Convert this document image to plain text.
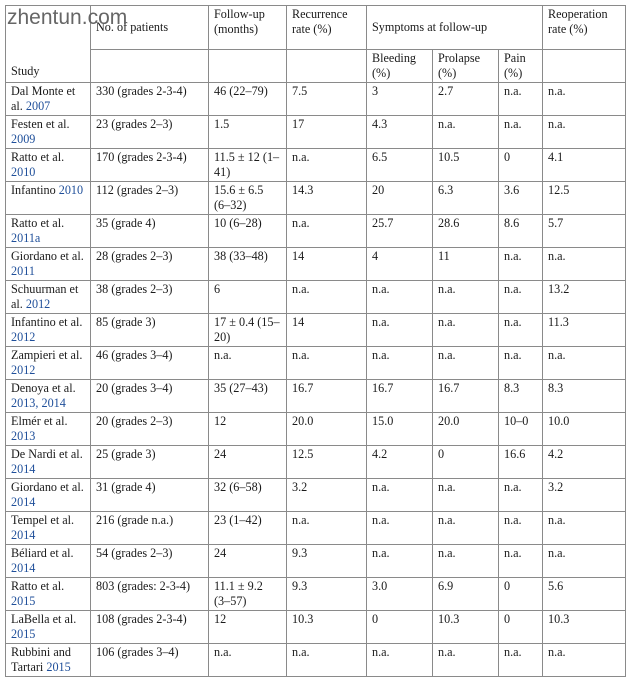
zhentun.com
Study	No. of patients	Follow-up (months)	Recurrence rate (%)	Symptoms at follow-up			Reoperation rate (%)
				Bleeding (%)	Prolapse (%)	Pain (%)	
Dal Monte et al. 2007	330 (grades 2-3-4)	46 (22–79)	7.5	3	2.7	n.a.	n.a.
Festen et al. 2009	23 (grades 2–3)	1.5	17	4.3	n.a.	n.a.	n.a.
Ratto et al. 2010	170 (grades 2-3-4)	11.5 ± 12 (1–41)	n.a.	6.5	10.5	0	4.1
Infantino 2010	112 (grades 2–3)	15.6 ± 6.5 (6–32)	14.3	20	6.3	3.6	12.5
Ratto et al. 2011a	35 (grade 4)	10 (6–28)	n.a.	25.7	28.6	8.6	5.7
Giordano et al. 2011	28 (grades 2–3)	38 (33–48)	14	4	11	n.a.	n.a.
Schuurman et al. 2012	38 (grades 2–3)	6	n.a.	n.a.	n.a.	n.a.	13.2
Infantino et al. 2012	85 (grade 3)	17 ± 0.4 (15–20)	14	n.a.	n.a.	n.a.	11.3
Zampieri et al. 2012	46 (grades 3–4)	n.a.	n.a.	n.a.	n.a.	n.a.	n.a.
Denoya et al. 2013, 2014	20 (grades 3–4)	35 (27–43)	16.7	16.7	16.7	8.3	8.3
Elmér et al. 2013	20 (grades 2–3)	12	20.0	15.0	20.0	10–0	10.0
De Nardi et al. 2014	25 (grade 3)	24	12.5	4.2	0	16.6	4.2
Giordano et al. 2014	31 (grade 4)	32 (6–58)	3.2	n.a.	n.a.	n.a.	3.2
Tempel et al. 2014	216 (grade n.a.)	23 (1–42)	n.a.	n.a.	n.a.	n.a.	n.a.
Béliard et al. 2014	54 (grades 2–3)	24	9.3	n.a.	n.a.	n.a.	n.a.
Ratto et al. 2015	803 (grades: 2-3-4)	11.1 ± 9.2 (3–57)	9.3	3.0	6.9	0	5.6
LaBella et al. 2015	108 (grades 2-3-4)	12	10.3	0	10.3	0	10.3
Rubbini and Tartari 2015	106 (grades 3–4)	n.a.	n.a.	n.a.	n.a.	n.a.	n.a.
